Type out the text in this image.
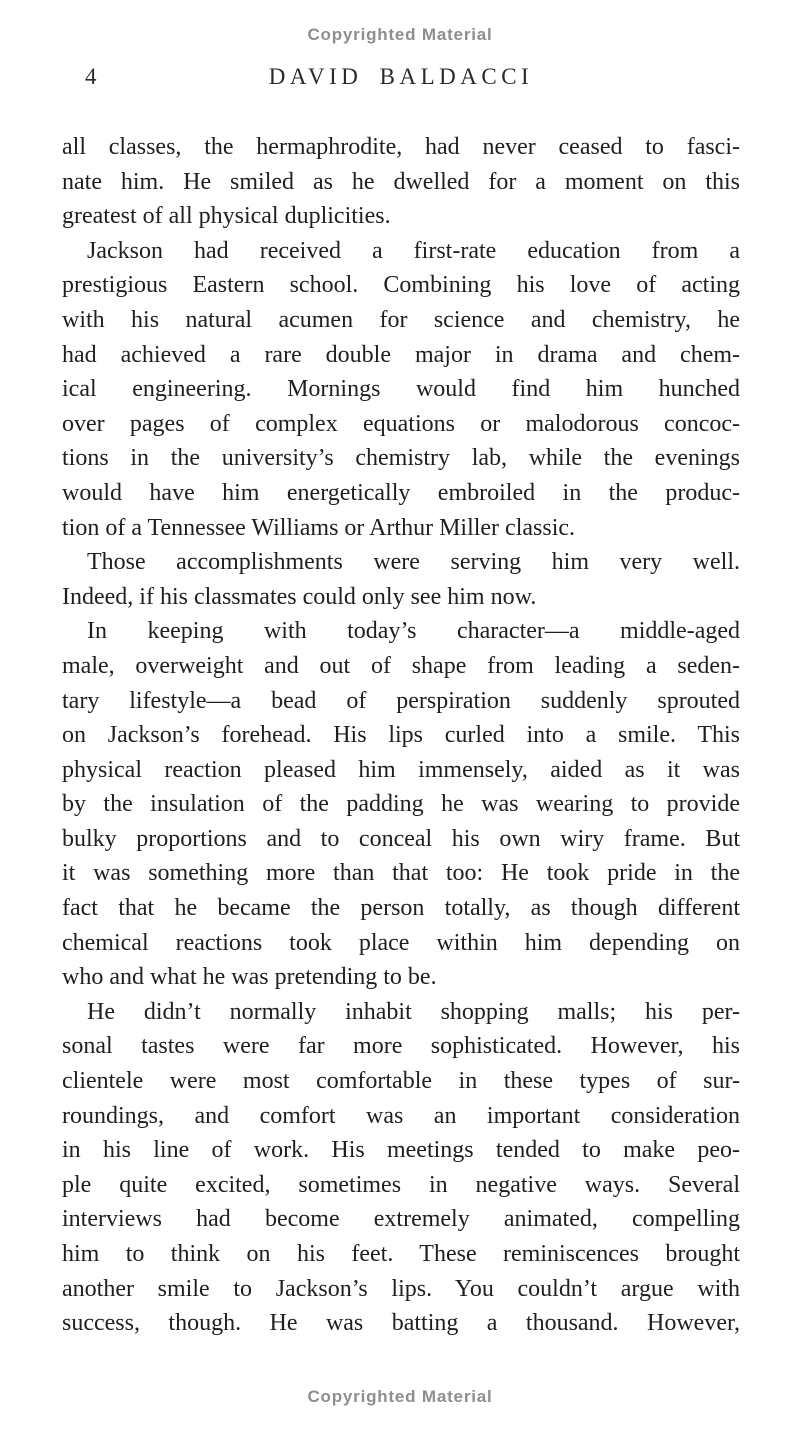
Copyrighted Material
4	DAVID BALDACCI
all classes, the hermaphrodite, had never ceased to fasci-
nate him. He smiled as he dwelled for a moment on this
greatest of all physical duplicities.
Jackson had received a first-rate education from a
prestigious Eastern school. Combining his love of acting
with his natural acumen for science and chemistry, he
had achieved a rare double major in drama and chem-
ical engineering. Mornings would find him hunched
over pages of complex equations or malodorous concoc-
tions in the university’s chemistry lab, while the evenings
would have him energetically embroiled in the produc-
tion of a Tennessee Williams or Arthur Miller classic.
Those accomplishments were serving him very well.
Indeed, if his classmates could only see him now.
In keeping with today’s character—a middle-aged
male, overweight and out of shape from leading a seden-
tary lifestyle—a bead of perspiration suddenly sprouted
on Jackson’s forehead. His lips curled into a smile. This
physical reaction pleased him immensely, aided as it was
by the insulation of the padding he was wearing to provide
bulky proportions and to conceal his own wiry frame. But
it was something more than that too: He took pride in the
fact that he became the person totally, as though different
chemical reactions took place within him depending on
who and what he was pretending to be.
He didn’t normally inhabit shopping malls; his per-
sonal tastes were far more sophisticated. However, his
clientele were most comfortable in these types of sur-
roundings, and comfort was an important consideration
in his line of work. His meetings tended to make peo-
ple quite excited, sometimes in negative ways. Several
interviews had become extremely animated, compelling
him to think on his feet. These reminiscences brought
another smile to Jackson’s lips. You couldn’t argue with
success, though. He was batting a thousand. However,
Copyrighted Material
